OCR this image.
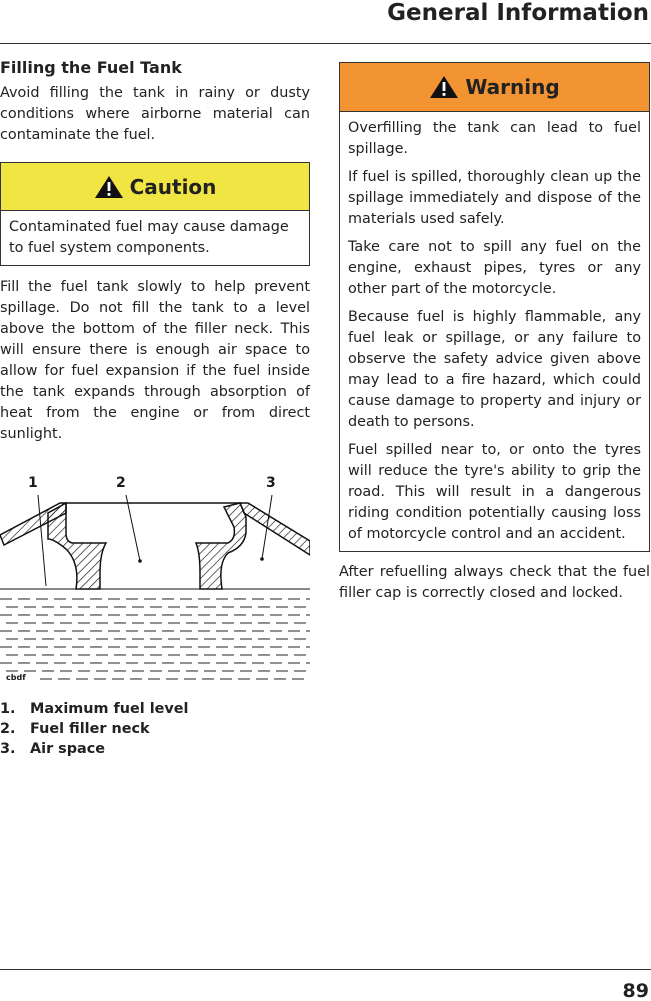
General Information
Filling the Fuel Tank

Avoid filling the tank in rainy or dusty conditions where airborne material can contaminate the fuel.

Caution

Contaminated fuel may cause damage to fuel system components.

Fill the fuel tank slowly to help prevent spillage. Do not fill the tank to a level above the bottom of the filler neck. This will ensure there is enough air space to allow for fuel expansion if the fuel inside the tank expands through absorption of heat from the engine or from direct sunlight.

1	2	3
cbdf
1.	Maximum fuel level
2.	Fuel filler neck
3.	Air space
Warning

Overfilling the tank can lead to fuel spillage.

If fuel is spilled, thoroughly clean up the spillage immediately and dispose of the materials used safely.

Take care not to spill any fuel on the engine, exhaust pipes, tyres or any other part of the motorcycle.

Because fuel is highly flammable, any fuel leak or spillage, or any failure to observe the safety advice given above may lead to a fire hazard, which could cause damage to property and injury or death to persons.

Fuel spilled near to, or onto the tyres will reduce the tyre's ability to grip the road. This will result in a dangerous riding condition potentially causing loss of motorcycle control and an accident.

After refuelling always check that the fuel filler cap is correctly closed and locked.

89
